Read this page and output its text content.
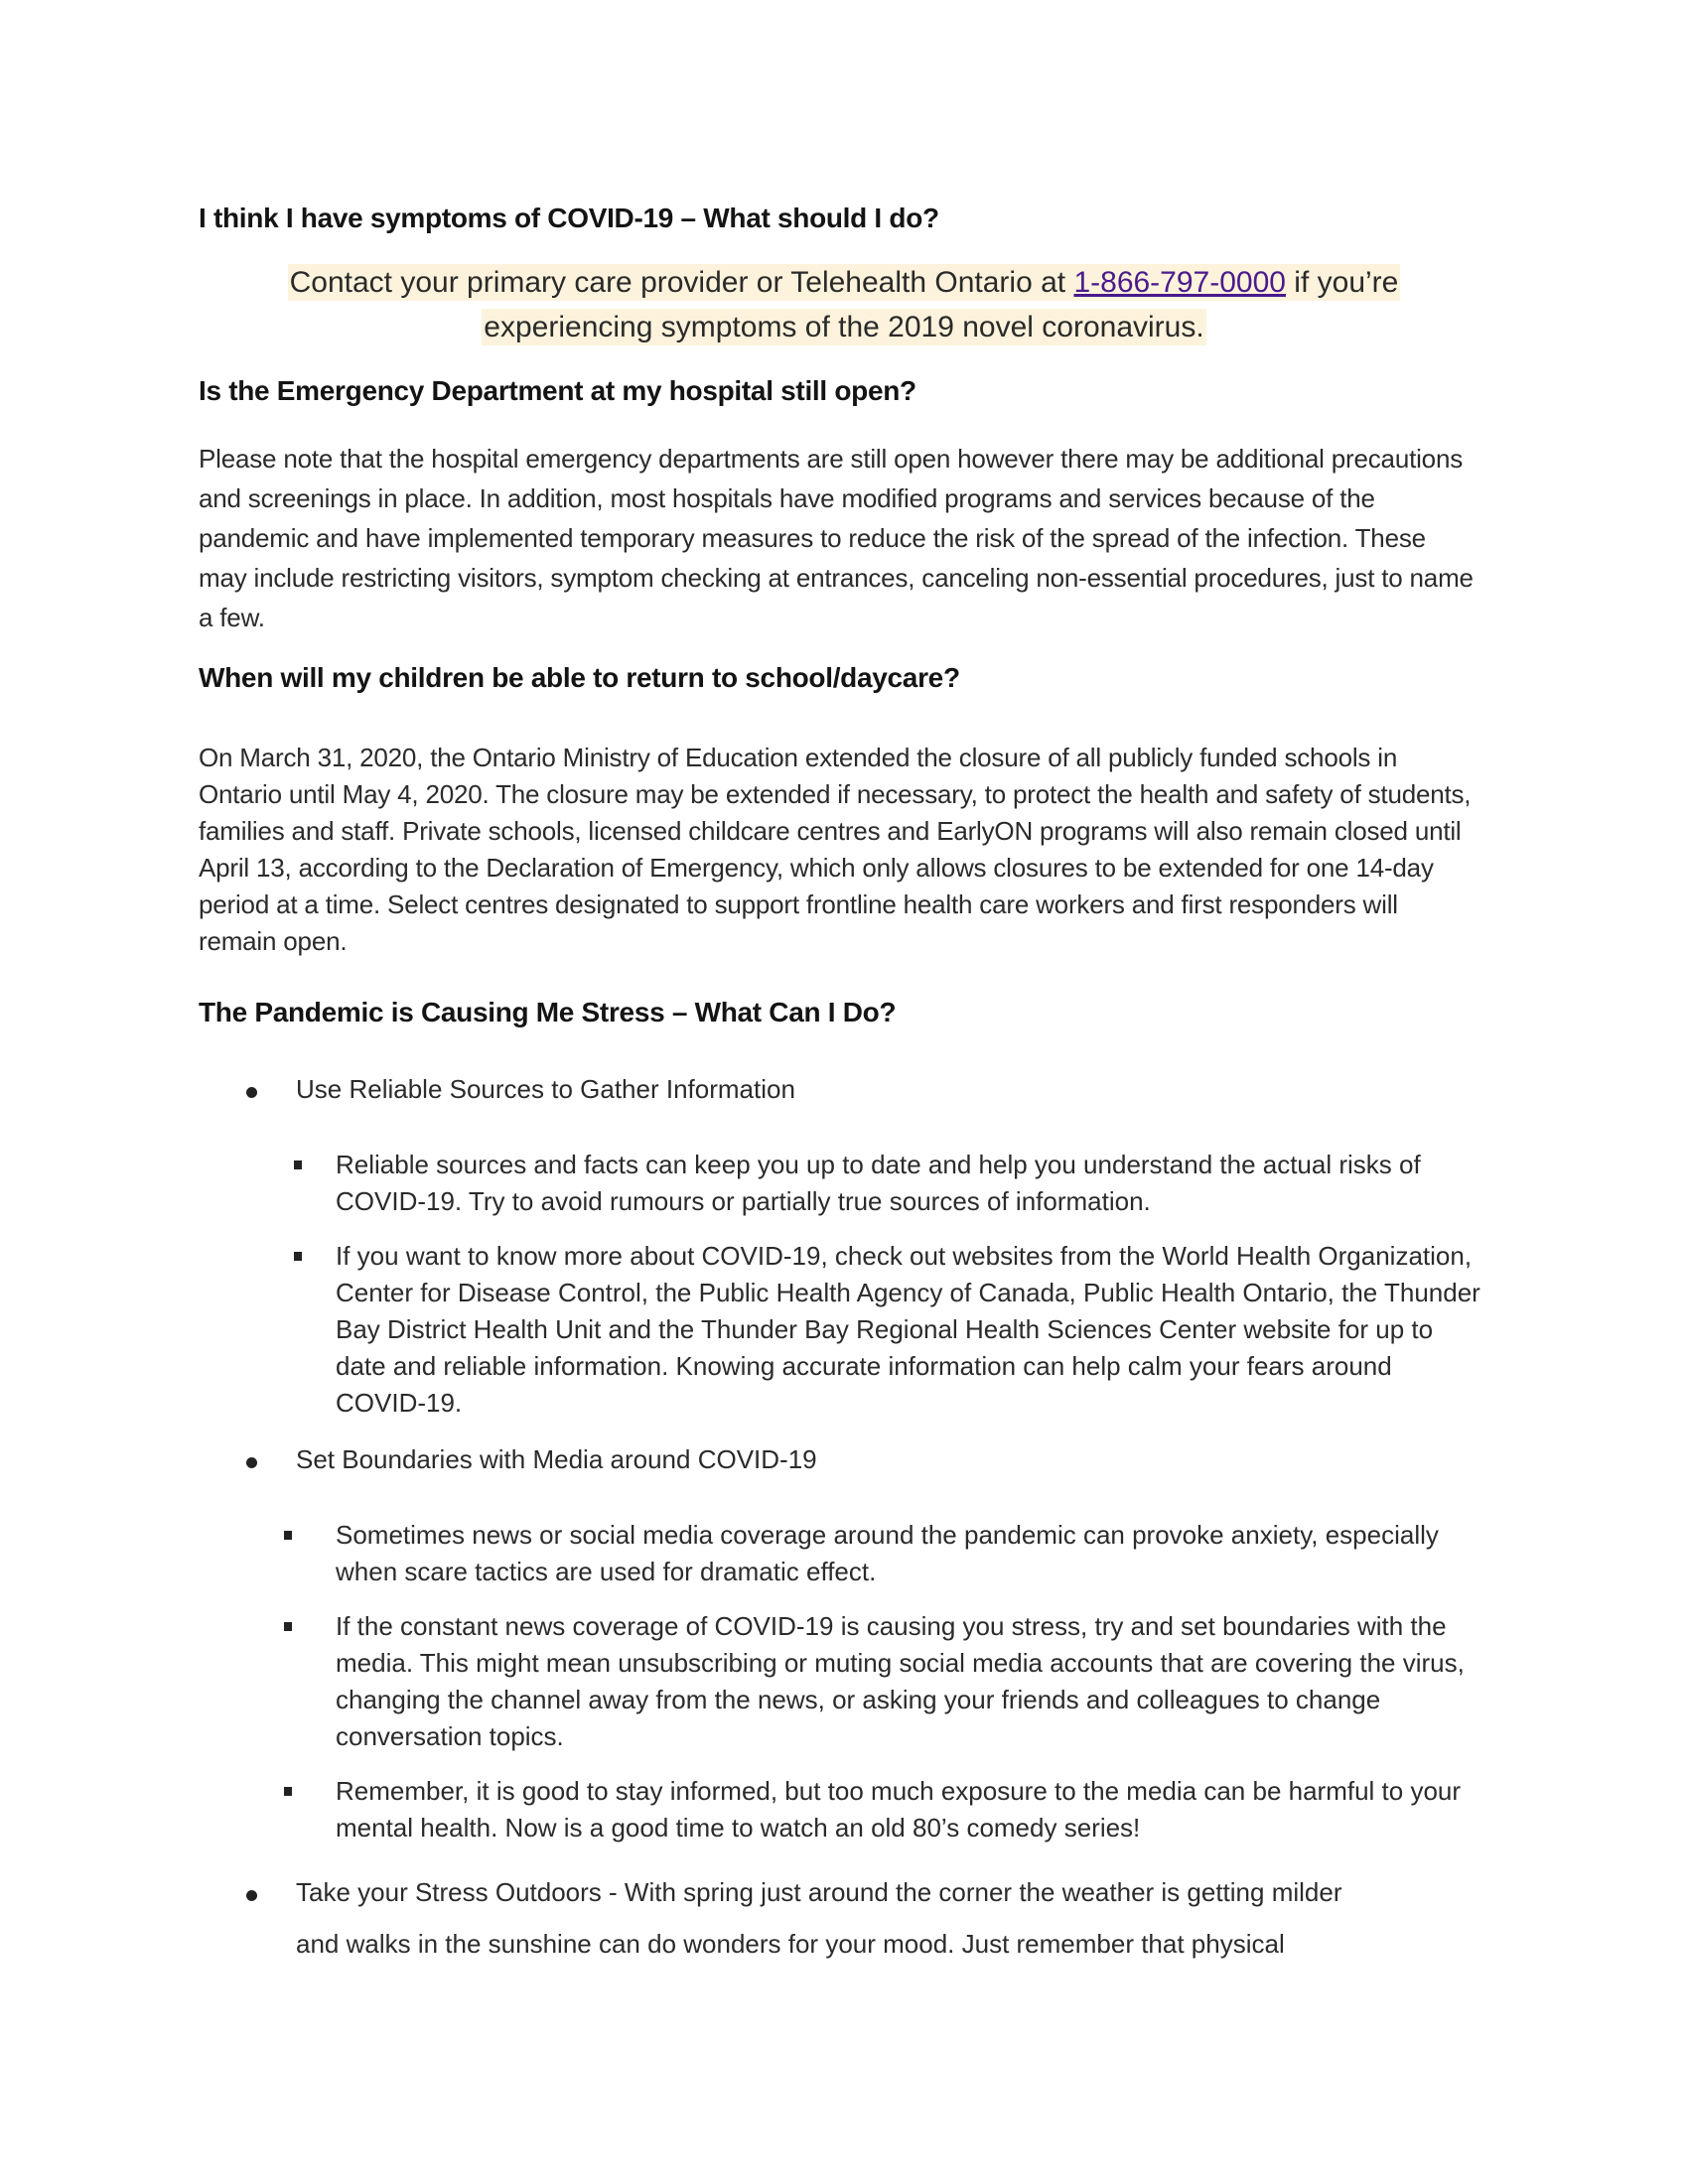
I think I have symptoms of COVID-19 – What should I do?
Contact your primary care provider or Telehealth Ontario at 1-866-797-0000 if you’re
experiencing symptoms of the 2019 novel coronavirus.
Is the Emergency Department at my hospital still open?

Please note that the hospital emergency departments are still open however there may be additional precautions and screenings in place. In addition, most hospitals have modified programs and services because of the pandemic and have implemented temporary measures to reduce the risk of the spread of the infection. These may include restricting visitors, symptom checking at entrances, canceling non-essential procedures, just to name a few.

When will my children be able to return to school/daycare?

On March 31, 2020, the Ontario Ministry of Education extended the closure of all publicly funded schools in Ontario until May 4, 2020. The closure may be extended if necessary, to protect the health and safety of students, families and staff. Private schools, licensed childcare centres and EarlyON programs will also remain closed until April 13, according to the Declaration of Emergency, which only allows closures to be extended for one 14-day period at a time. Select centres designated to support frontline health care workers and first responders will remain open.

The Pandemic is Causing Me Stress – What Can I Do?
Use Reliable Sources to Gather Information
Reliable sources and facts can keep you up to date and help you understand the actual risks of COVID-19. Try to avoid rumours or partially true sources of information.
If you want to know more about COVID-19, check out websites from the World Health Organization, Center for Disease Control, the Public Health Agency of Canada, Public Health Ontario, the Thunder Bay District Health Unit and the Thunder Bay Regional Health Sciences Center website for up to date and reliable information. Knowing accurate information can help calm your fears around COVID-19.
Set Boundaries with Media around COVID-19
Sometimes news or social media coverage around the pandemic can provoke anxiety, especially when scare tactics are used for dramatic effect.
If the constant news coverage of COVID-19 is causing you stress, try and set boundaries with the media. This might mean unsubscribing or muting social media accounts that are covering the virus, changing the channel away from the news, or asking your friends and colleagues to change conversation topics.
Remember, it is good to stay informed, but too much exposure to the media can be harmful to your mental health. Now is a good time to watch an old 80’s comedy series!
Take your Stress Outdoors - With spring just around the corner the weather is getting milder
and walks in the sunshine can do wonders for your mood. Just remember that physical
